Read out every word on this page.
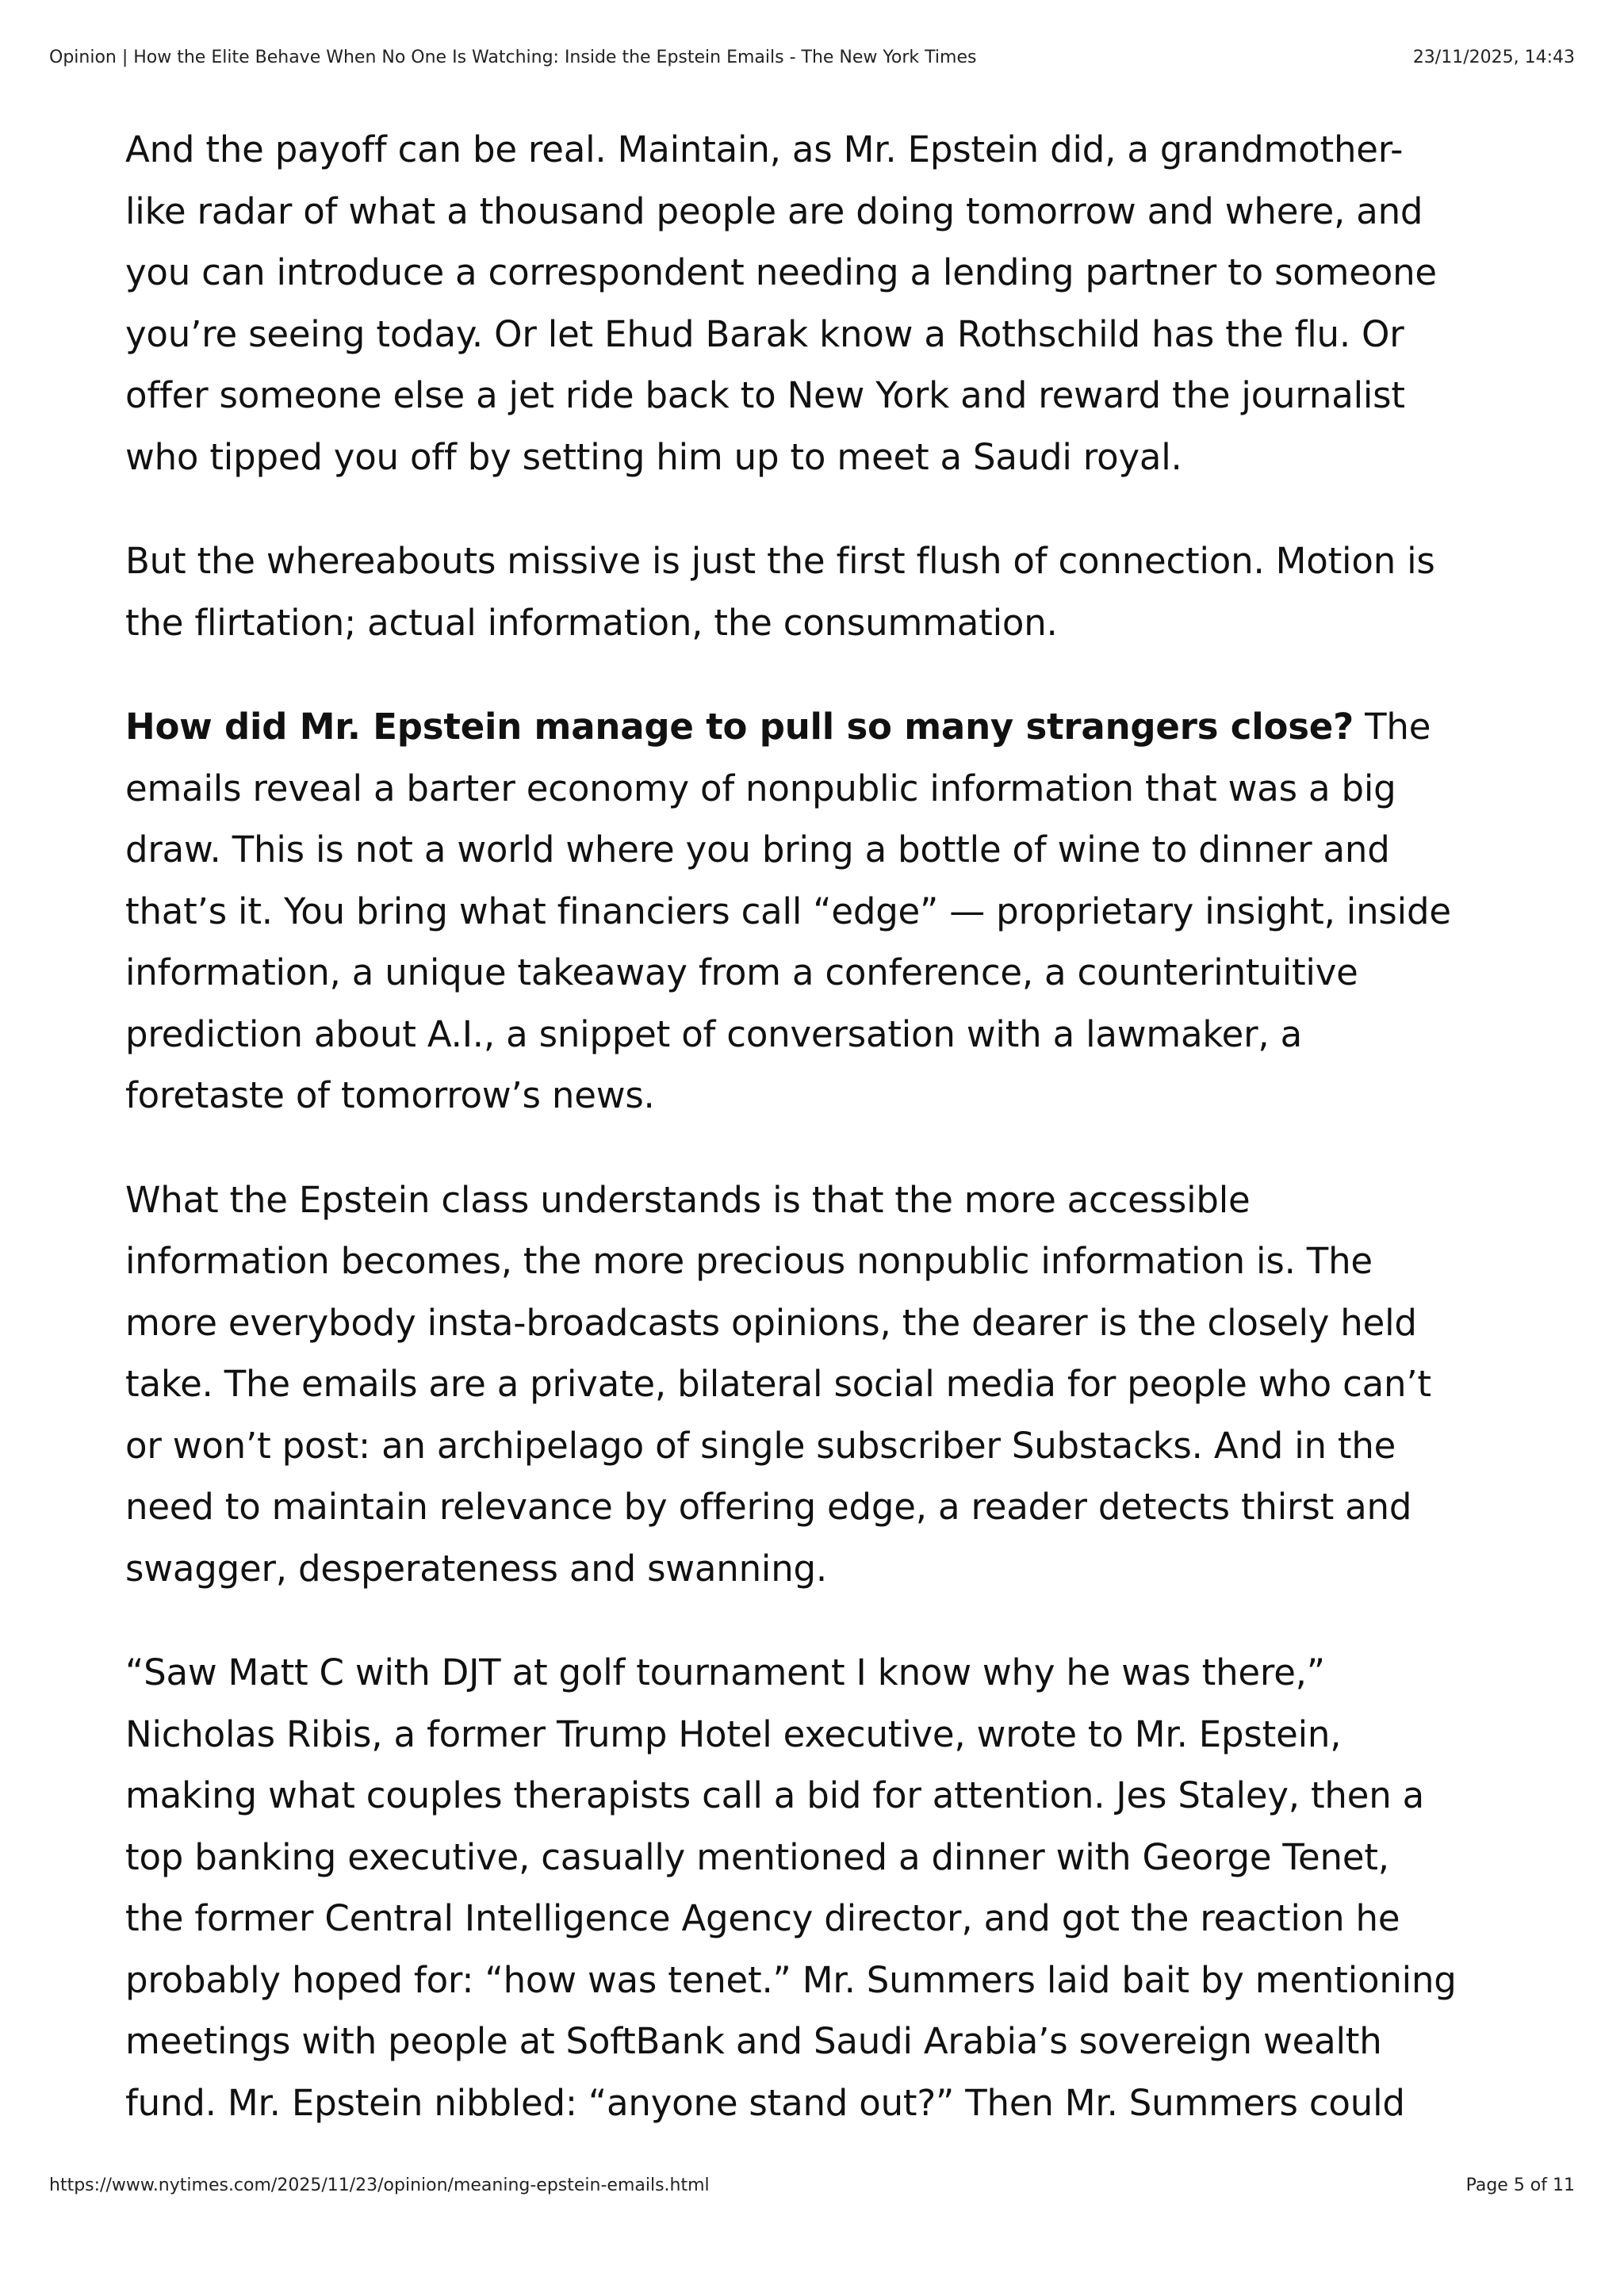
Opinion | How the Elite Behave When No One Is Watching: Inside the Epstein Emails - The New York Times	23/11/2025, 14:43

And the payoff can be real. Maintain, as Mr. Epstein did, a grandmother-
like radar of what a thousand people are doing tomorrow and where, and
you can introduce a correspondent needing a lending partner to someone
you’re seeing today. Or let Ehud Barak know a Rothschild has the flu. Or
offer someone else a jet ride back to New York and reward the journalist
who tipped you off by setting him up to meet a Saudi royal.

But the whereabouts missive is just the first flush of connection. Motion is
the flirtation; actual information, the consummation.

How did Mr. Epstein manage to pull so many strangers close? The
emails reveal a barter economy of nonpublic information that was a big
draw. This is not a world where you bring a bottle of wine to dinner and
that’s it. You bring what financiers call “edge” — proprietary insight, inside
information, a unique takeaway from a conference, a counterintuitive
prediction about A.I., a snippet of conversation with a lawmaker, a
foretaste of tomorrow’s news.

What the Epstein class understands is that the more accessible
information becomes, the more precious nonpublic information is. The
more everybody insta-broadcasts opinions, the dearer is the closely held
take. The emails are a private, bilateral social media for people who can’t
or won’t post: an archipelago of single subscriber Substacks. And in the
need to maintain relevance by offering edge, a reader detects thirst and
swagger, desperateness and swanning.

“Saw Matt C with DJT at golf tournament I know why he was there,”
Nicholas Ribis, a former Trump Hotel executive, wrote to Mr. Epstein,
making what couples therapists call a bid for attention. Jes Staley, then a
top banking executive, casually mentioned a dinner with George Tenet,
the former Central Intelligence Agency director, and got the reaction he
probably hoped for: “how was tenet.” Mr. Summers laid bait by mentioning
meetings with people at SoftBank and Saudi Arabia’s sovereign wealth
fund. Mr. Epstein nibbled: “anyone stand out?” Then Mr. Summers could

https://www.nytimes.com/2025/11/23/opinion/meaning-epstein-emails.html	Page 5 of 11
